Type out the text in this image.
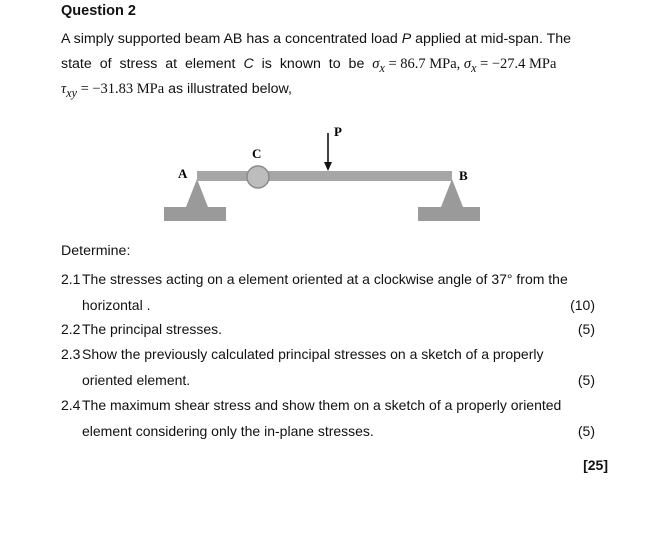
Question 2
A simply supported beam AB has a concentrated load P applied at mid-span. The
state of stress at element C is known to be $\sigma_x = 86.7$ MPa, $\sigma_x = -27.4$ MPa
$\tau_{xy} = -31.83$ MPa as illustrated below,
A	B
C
P
Determine:
2.1 The stresses acting on a element oriented at a clockwise angle of 37° from the
horizontal .	(10)
2.2 The principal stresses.	(5)
2.3 Show the previously calculated principal stresses on a sketch of a properly
oriented element.	(5)
2.4 The maximum shear stress and show them on a sketch of a properly oriented
element considering only the in-plane stresses.	(5)
[25]
